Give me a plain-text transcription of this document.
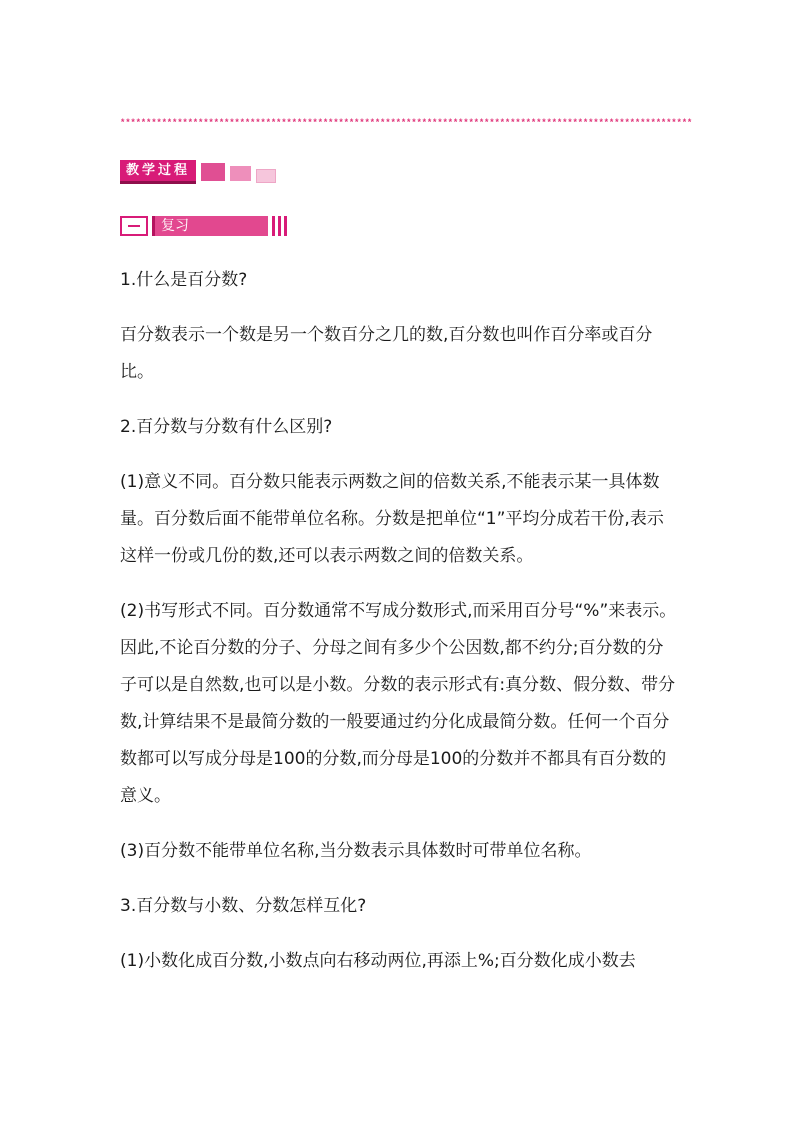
**************************************************************************************************************
教学过程
复习

1.什么是百分数?

百分数表示一个数是另一个数百分之几的数,百分数也叫作百分率或百分比。

2.百分数与分数有什么区别?

(1)意义不同。百分数只能表示两数之间的倍数关系,不能表示某一具体数量。百分数后面不能带单位名称。分数是把单位“1”平均分成若干份,表示这样一份或几份的数,还可以表示两数之间的倍数关系。

(2)书写形式不同。百分数通常不写成分数形式,而采用百分号“%”来表示。因此,不论百分数的分子、分母之间有多少个公因数,都不约分;百分数的分子可以是自然数,也可以是小数。分数的表示形式有:真分数、假分数、带分数,计算结果不是最简分数的一般要通过约分化成最简分数。任何一个百分数都可以写成分母是100的分数,而分母是100的分数并不都具有百分数的意义。

(3)百分数不能带单位名称,当分数表示具体数时可带单位名称。

3.百分数与小数、分数怎样互化?

(1)小数化成百分数,小数点向右移动两位,再添上%;百分数化成小数去
